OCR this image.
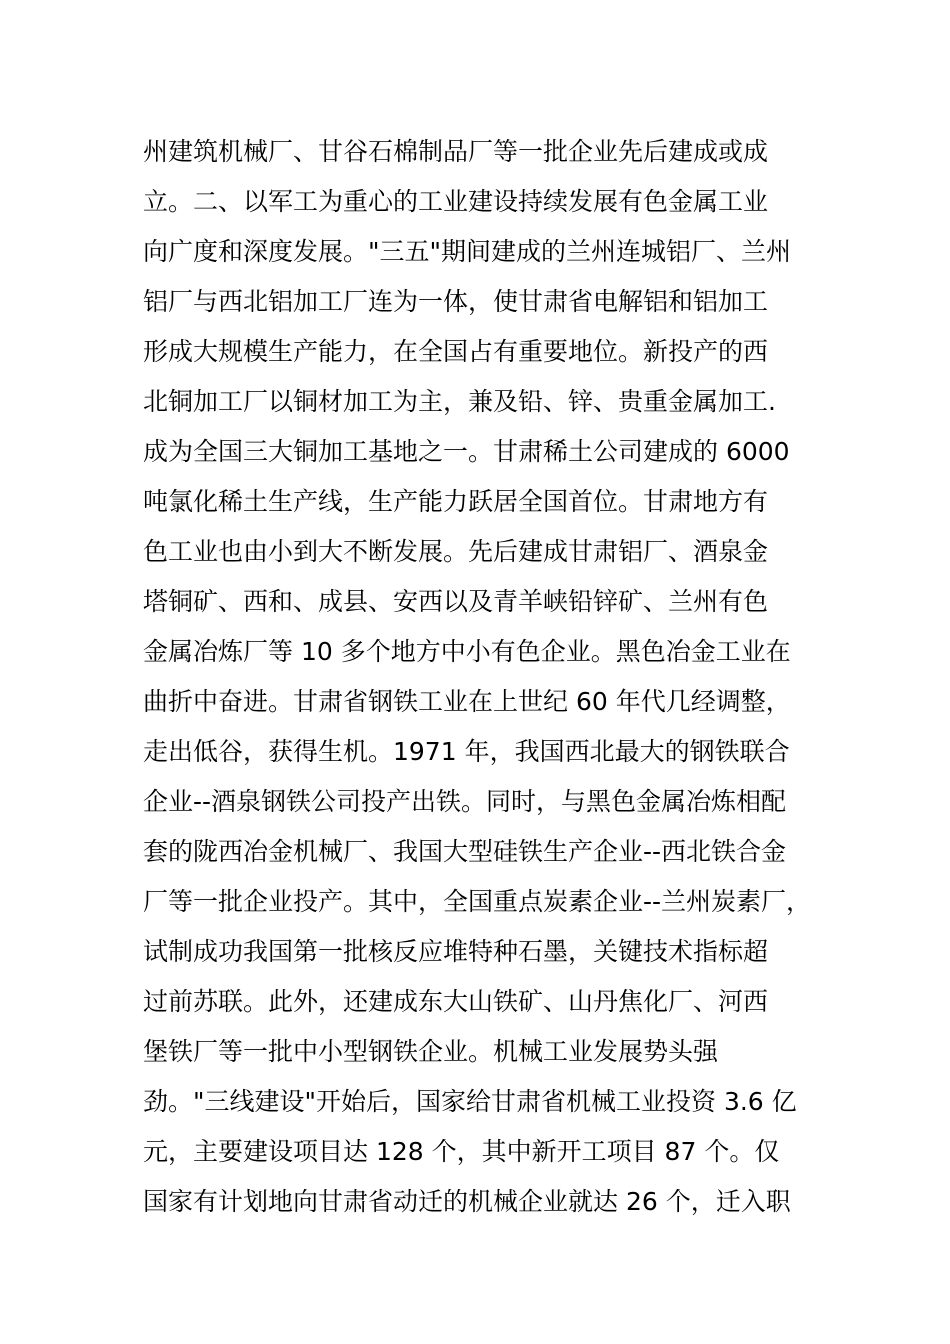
州建筑机械厂、甘谷石棉制品厂等一批企业先后建成或成
立。二、以军工为重心的工业建设持续发展有色金属工业
向广度和深度发展。"三五"期间建成的兰州连城铝厂、兰州
铝厂与西北铝加工厂连为一体，使甘肃省电解铝和铝加工
形成大规模生产能力，在全国占有重要地位。新投产的西
北铜加工厂以铜材加工为主，兼及铅、锌、贵重金属加工.
成为全国三大铜加工基地之一。甘肃稀土公司建成的 6000
吨氯化稀土生产线，生产能力跃居全国首位。甘肃地方有
色工业也由小到大不断发展。先后建成甘肃铝厂、酒泉金
塔铜矿、西和、成县、安西以及青羊峡铅锌矿、兰州有色
金属冶炼厂等 10 多个地方中小有色企业。黑色冶金工业在
曲折中奋进。甘肃省钢铁工业在上世纪 60 年代几经调整，
走出低谷，获得生机。1971 年，我国西北最大的钢铁联合
企业--酒泉钢铁公司投产出铁。同时，与黑色金属冶炼相配
套的陇西冶金机械厂、我国大型硅铁生产企业--西北铁合金
厂等一批企业投产。其中，全国重点炭素企业--兰州炭素厂，
试制成功我国第一批核反应堆特种石墨，关键技术指标超
过前苏联。此外，还建成东大山铁矿、山丹焦化厂、河西
堡铁厂等一批中小型钢铁企业。机械工业发展势头强
劲。"三线建设"开始后，国家给甘肃省机械工业投资 3.6 亿
元，主要建设项目达 128 个，其中新开工项目 87 个。仅
国家有计划地向甘肃省动迁的机械企业就达 26 个，迁入职
